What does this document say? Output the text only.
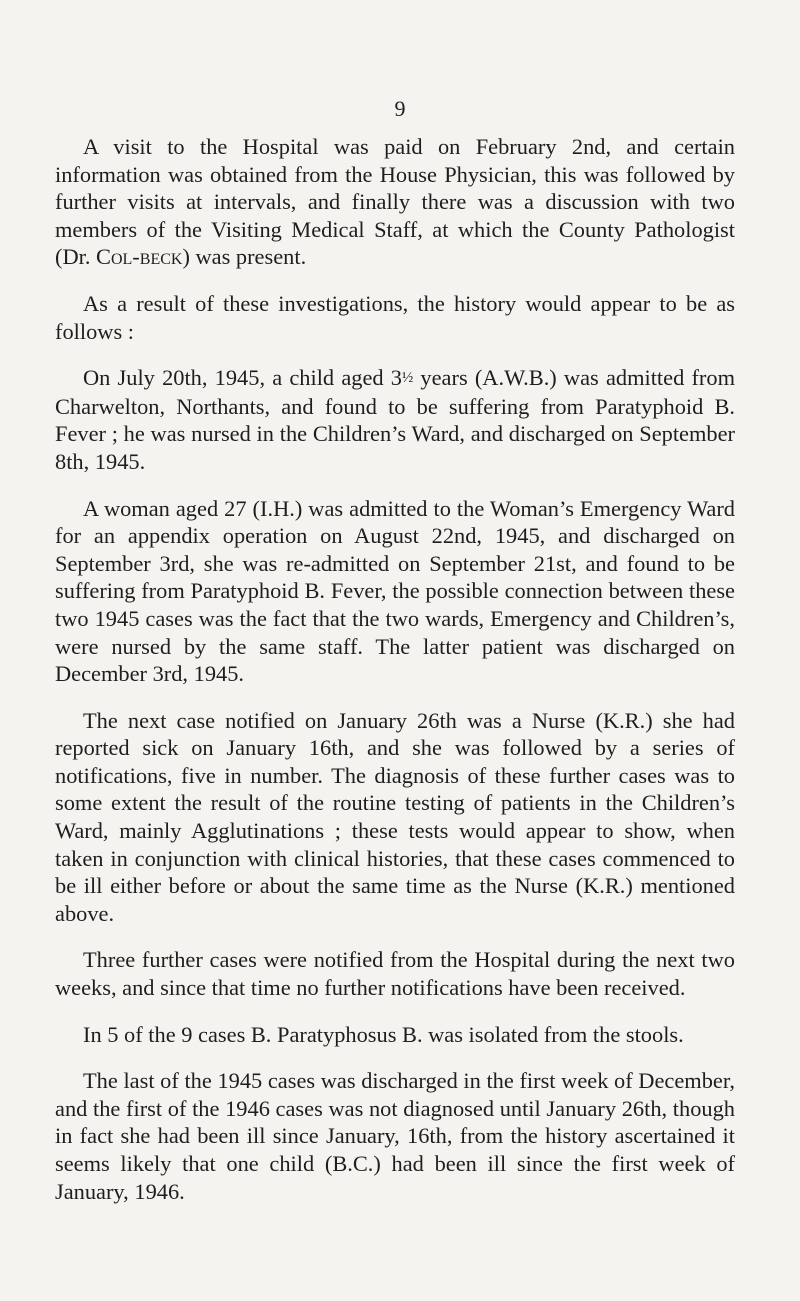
9

A visit to the Hospital was paid on February 2nd, and certain information was obtained from the House Physician, this was followed by further visits at intervals, and finally there was a discussion with two members of the Visiting Medical Staff, at which the County Pathologist (Dr. Col-beck) was present.

As a result of these investigations, the history would appear to be as follows :

On July 20th, 1945, a child aged 3½ years (A.W.B.) was admitted from Charwelton, Northants, and found to be suffering from Paratyphoid B. Fever ; he was nursed in the Children’s Ward, and discharged on September 8th, 1945.

A woman aged 27 (I.H.) was admitted to the Woman’s Emergency Ward for an appendix operation on August 22nd, 1945, and discharged on September 3rd, she was re-admitted on September 21st, and found to be suffering from Paratyphoid B. Fever, the possible connection between these two 1945 cases was the fact that the two wards, Emergency and Children’s, were nursed by the same staff. The latter patient was discharged on December 3rd, 1945.

The next case notified on January 26th was a Nurse (K.R.) she had reported sick on January 16th, and she was followed by a series of notifications, five in number. The diagnosis of these further cases was to some extent the result of the routine testing of patients in the Children’s Ward, mainly Agglutinations ; these tests would appear to show, when taken in conjunction with clinical histories, that these cases commenced to be ill either before or about the same time as the Nurse (K.R.) mentioned above.

Three further cases were notified from the Hospital during the next two weeks, and since that time no further notifications have been received.

In 5 of the 9 cases B. Paratyphosus B. was isolated from the stools.

The last of the 1945 cases was discharged in the first week of December, and the first of the 1946 cases was not diagnosed until January 26th, though in fact she had been ill since January, 16th, from the history ascertained it seems likely that one child (B.C.) had been ill since the first week of January, 1946.
